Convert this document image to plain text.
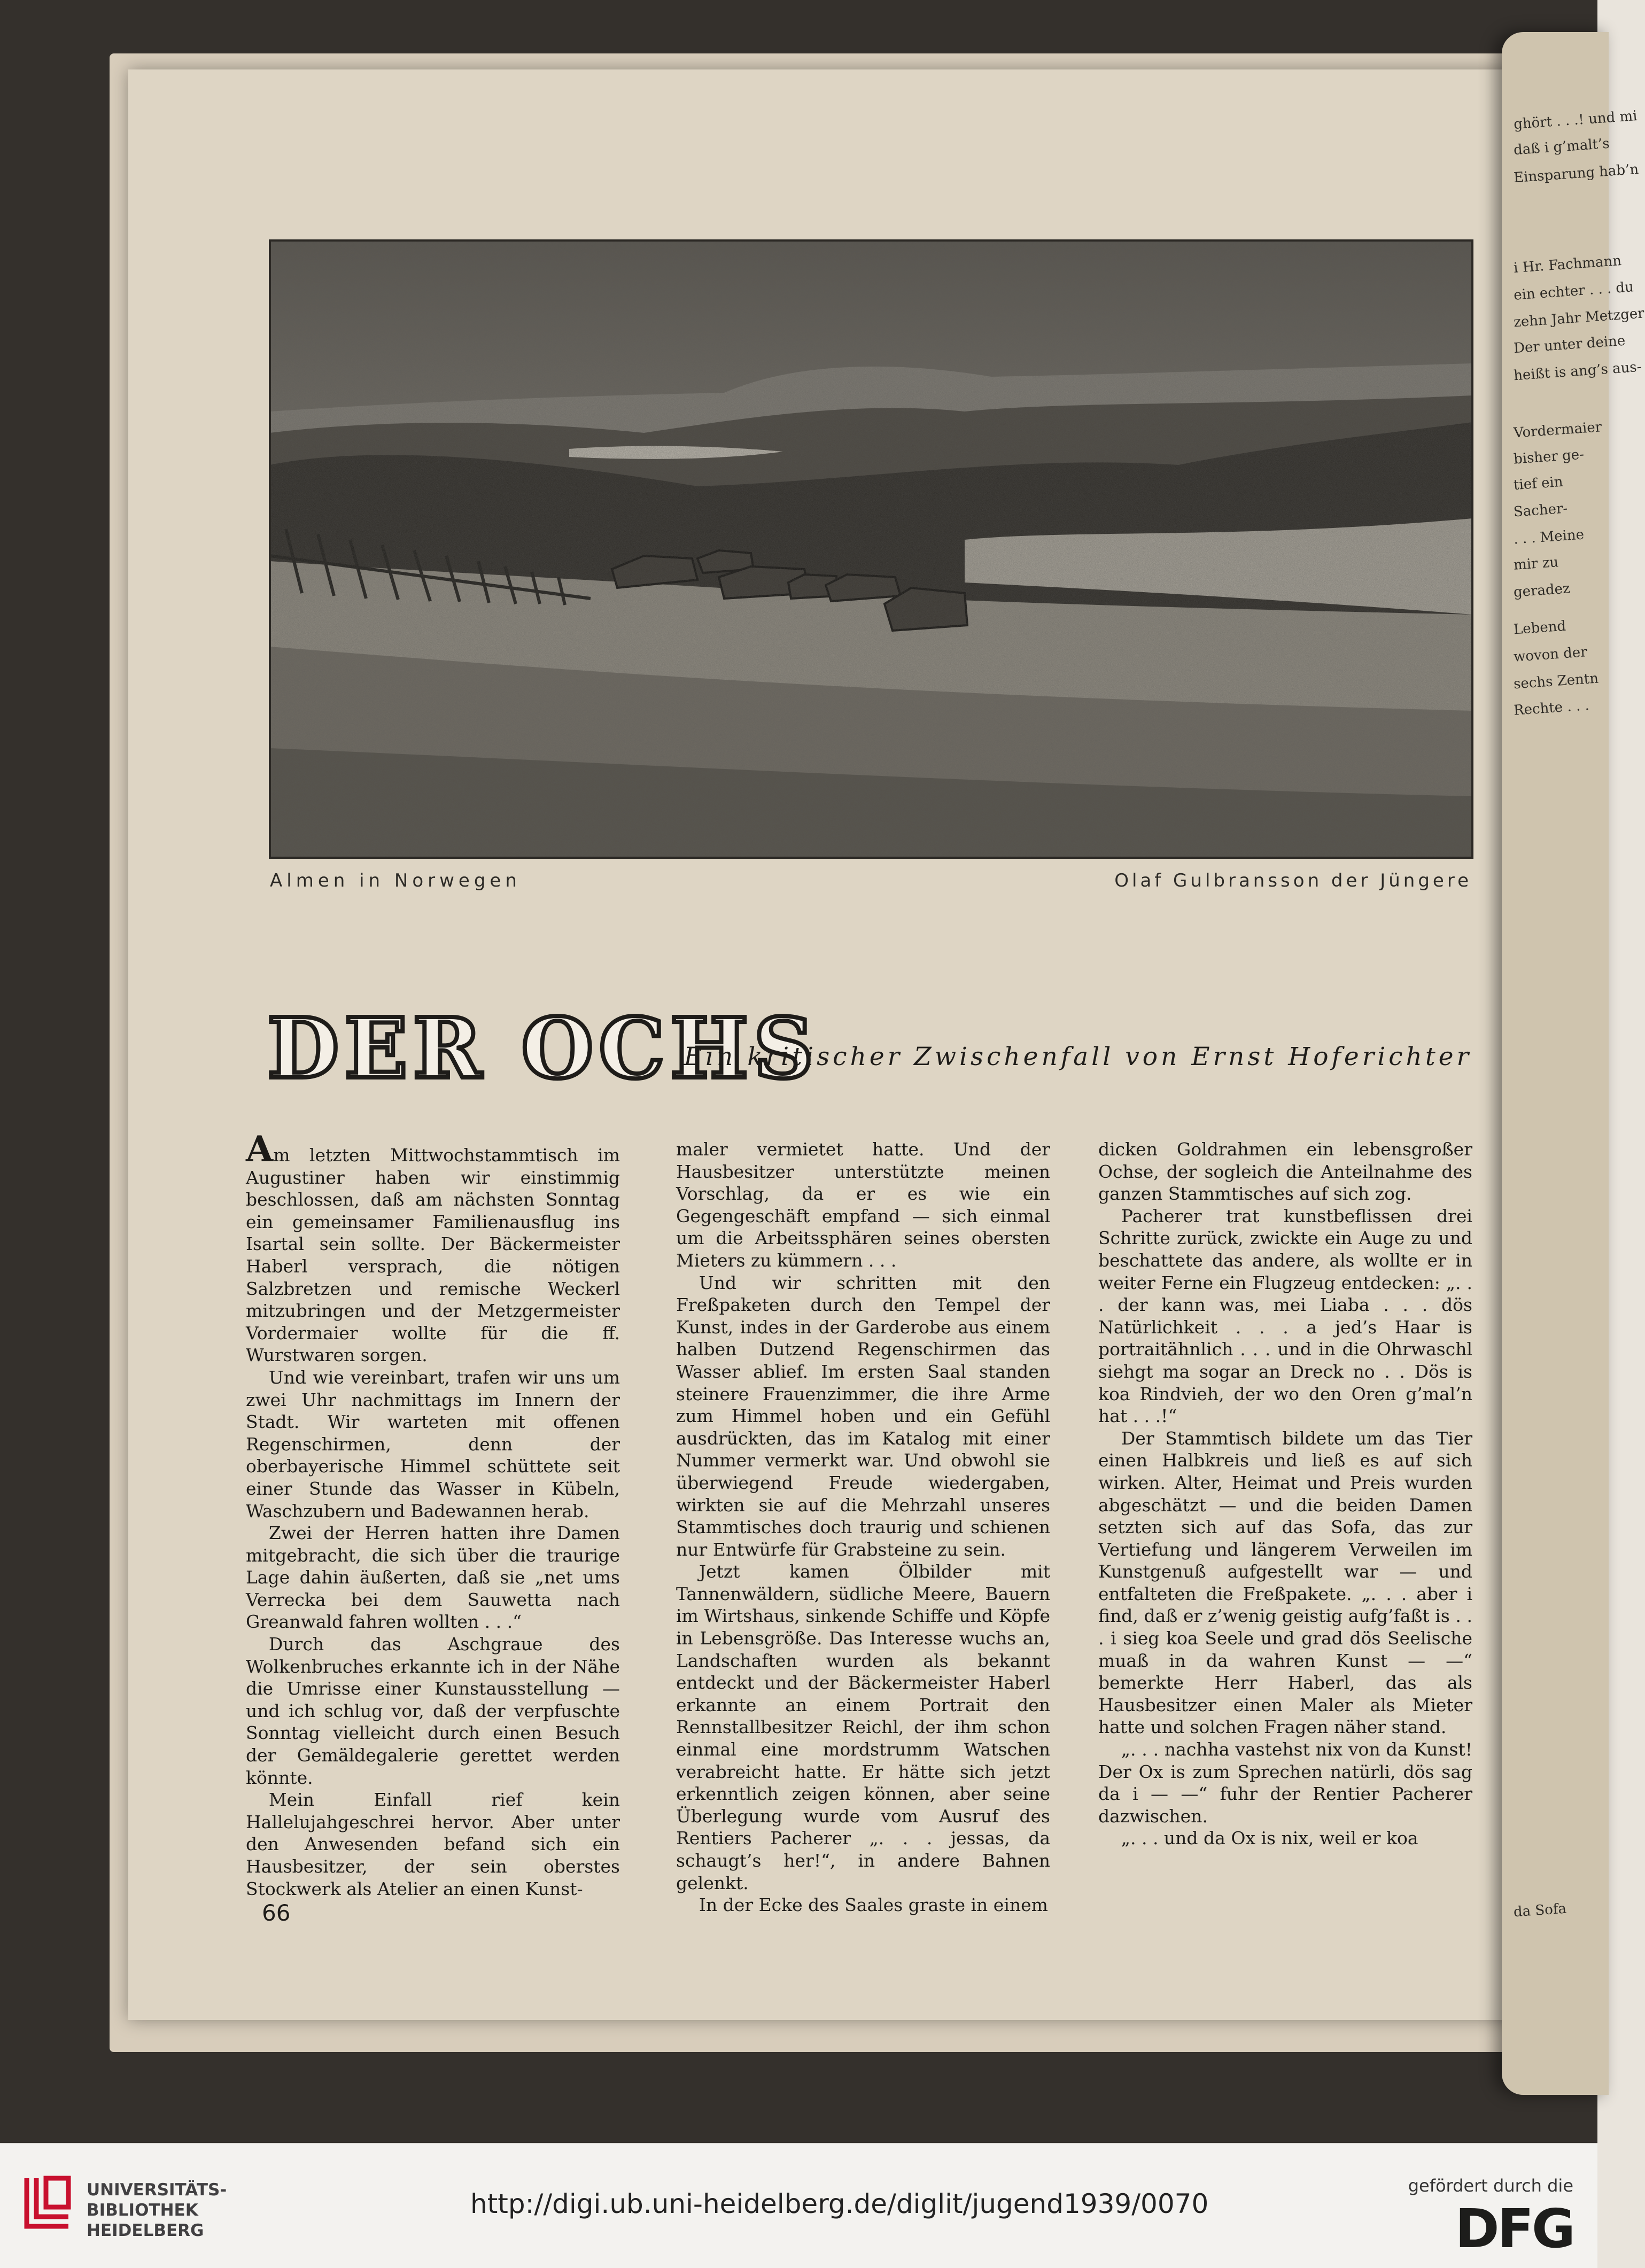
ghört . . .! und mi
daß i g’malt’s
Einsparung hab’n
i Hr. Fachmann
ein echter . . . du
zehn Jahr Metzger
Der unter deine
heißt is ang’s aus-
Vordermaier
bisher ge-
tief ein
Sacher-
. . . Meine
mir zu
geradez
Lebend
wovon der
sechs Zentn
Rechte . . .
da Sofa
Almen in Norwegen	Olaf Gulbransson der Jüngere
DER OCHS
Ein kritischer Zwischenfall von Ernst Hoferichter

Am letzten Mittwochstammtisch im Augustiner haben wir einstimmig beschlossen, daß am nächsten Sonntag ein gemeinsamer Familienausflug ins Isartal sein sollte. Der Bäckermeister Haberl versprach, die nötigen Salzbretzen und remische Weckerl mitzubringen und der Metzgermeister Vordermaier wollte für die ff. Wurstwaren sorgen.

Und wie vereinbart, trafen wir uns um zwei Uhr nachmittags im Innern der Stadt. Wir warteten mit offenen Regenschirmen, denn der oberbayerische Himmel schüttete seit einer Stunde das Wasser in Kübeln, Waschzubern und Badewannen herab.

Zwei der Herren hatten ihre Damen mitgebracht, die sich über die traurige Lage dahin äußerten, daß sie „net ums Verrecka bei dem Sauwetta nach Greanwald fahren wollten . . .“

Durch das Aschgraue des Wolkenbruches erkannte ich in der Nähe die Umrisse einer Kunstausstellung — und ich schlug vor, daß der verpfuschte Sonntag vielleicht durch einen Besuch der Gemäldegalerie gerettet werden könnte.

Mein Einfall rief kein Hallelujahgeschrei hervor. Aber unter den Anwesenden befand sich ein Hausbesitzer, der sein oberstes Stockwerk als Atelier an einen Kunst-

maler vermietet hatte. Und der Hausbesitzer unterstützte meinen Vorschlag, da er es wie ein Gegengeschäft empfand — sich einmal um die Arbeitssphären seines obersten Mieters zu kümmern . . .

Und wir schritten mit den Freßpaketen durch den Tempel der Kunst, indes in der Garderobe aus einem halben Dutzend Regenschirmen das Wasser ablief. Im ersten Saal standen steinere Frauenzimmer, die ihre Arme zum Himmel hoben und ein Gefühl ausdrückten, das im Katalog mit einer Nummer vermerkt war. Und obwohl sie überwiegend Freude wiedergaben, wirkten sie auf die Mehrzahl unseres Stammtisches doch traurig und schienen nur Entwürfe für Grabsteine zu sein.

Jetzt kamen Ölbilder mit Tannenwäldern, südliche Meere, Bauern im Wirtshaus, sinkende Schiffe und Köpfe in Lebensgröße. Das Interesse wuchs an, Landschaften wurden als bekannt entdeckt und der Bäckermeister Haberl erkannte an einem Portrait den Rennstallbesitzer Reichl, der ihm schon einmal eine mordstrumm Watschen verabreicht hatte. Er hätte sich jetzt erkenntlich zeigen können, aber seine Überlegung wurde vom Ausruf des Rentiers Pacherer „. . . jessas, da schaugt’s her!“, in andere Bahnen gelenkt.

In der Ecke des Saales graste in einem

dicken Goldrahmen ein lebensgroßer Ochse, der sogleich die Anteilnahme des ganzen Stammtisches auf sich zog.

Pacherer trat kunstbeflissen drei Schritte zurück, zwickte ein Auge zu und beschattete das andere, als wollte er in weiter Ferne ein Flugzeug entdecken: „. . . der kann was, mei Liaba . . . dös Natürlichkeit . . . a jed’s Haar is portraitähnlich . . . und in die Ohrwaschl siehgt ma sogar an Dreck no . . Dös is koa Rindvieh, der wo den Oren g’mal’n hat . . .!“

Der Stammtisch bildete um das Tier einen Halbkreis und ließ es auf sich wirken. Alter, Heimat und Preis wurden abgeschätzt — und die beiden Damen setzten sich auf das Sofa, das zur Vertiefung und längerem Verweilen im Kunstgenuß aufgestellt war — und entfalteten die Freßpakete. „. . . aber i find, daß er z’wenig geistig aufg’faßt is . . . i sieg koa Seele und grad dös Seelische muaß in da wahren Kunst — —“ bemerkte Herr Haberl, das als Hausbesitzer einen Maler als Mieter hatte und solchen Fragen näher stand.

„. . . nachha vastehst nix von da Kunst! Der Ox is zum Sprechen natürli, dös sag da i — —“ fuhr der Rentier Pacherer dazwischen.

„. . . und da Ox is nix, weil er koa

66
UNIVERSITÄTS-
BIBLIOTHEK
HEIDELBERG
http://digi.ub.uni-heidelberg.de/diglit/jugend1939/0070
gefördert durch die
DFG
